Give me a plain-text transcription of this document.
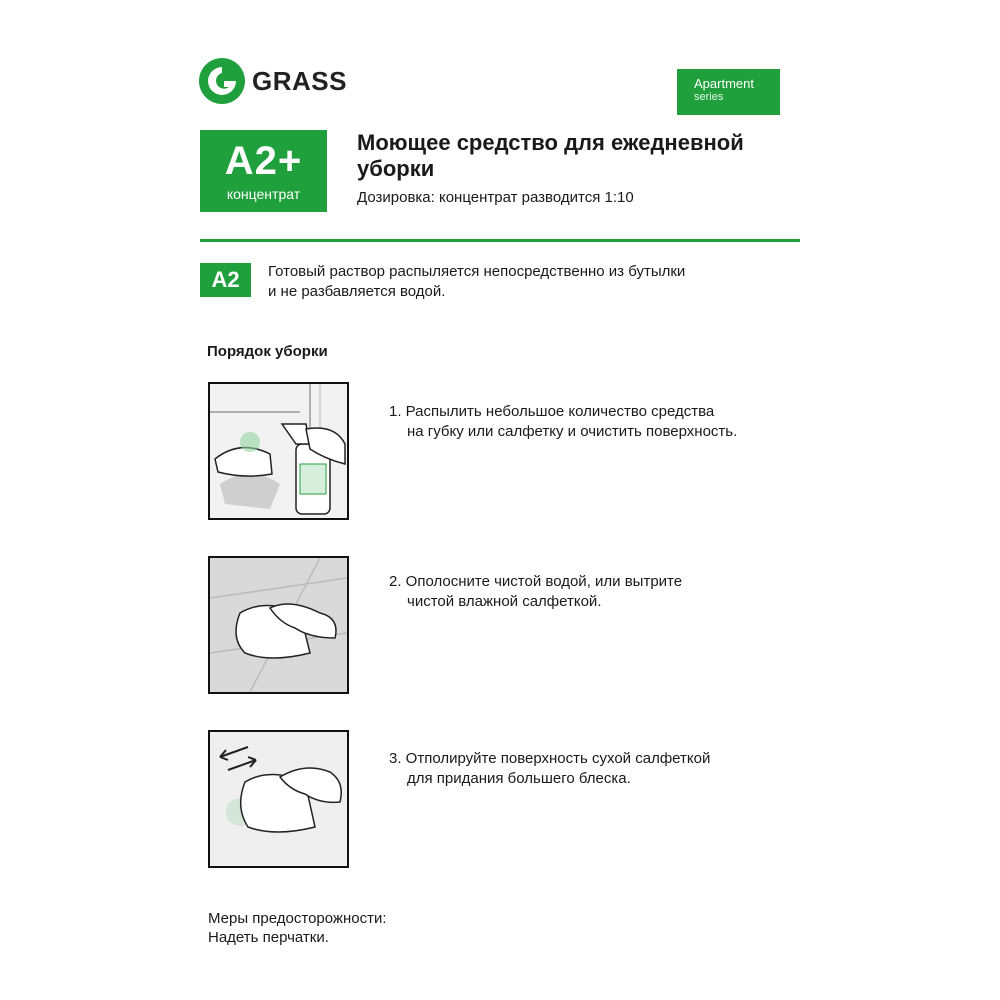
GRASS	Apartment
series
A2+
концентрат
Моющее средство для ежедневной уборки
Дозировка: концентрат разводится 1:10
A2	Готовый раствор распыляется непосредственно из бутылки
и не разбавляется водой.
Порядок уборки
1. Распылить небольшое количество средства
на губку или салфетку и очистить поверхность.
2. Ополосните чистой водой, или вытрите
чистой влажной салфеткой.
3. Отполируйте поверхность сухой салфеткой
для придания большего блеска.
Меры предосторожности:
Надеть перчатки.
